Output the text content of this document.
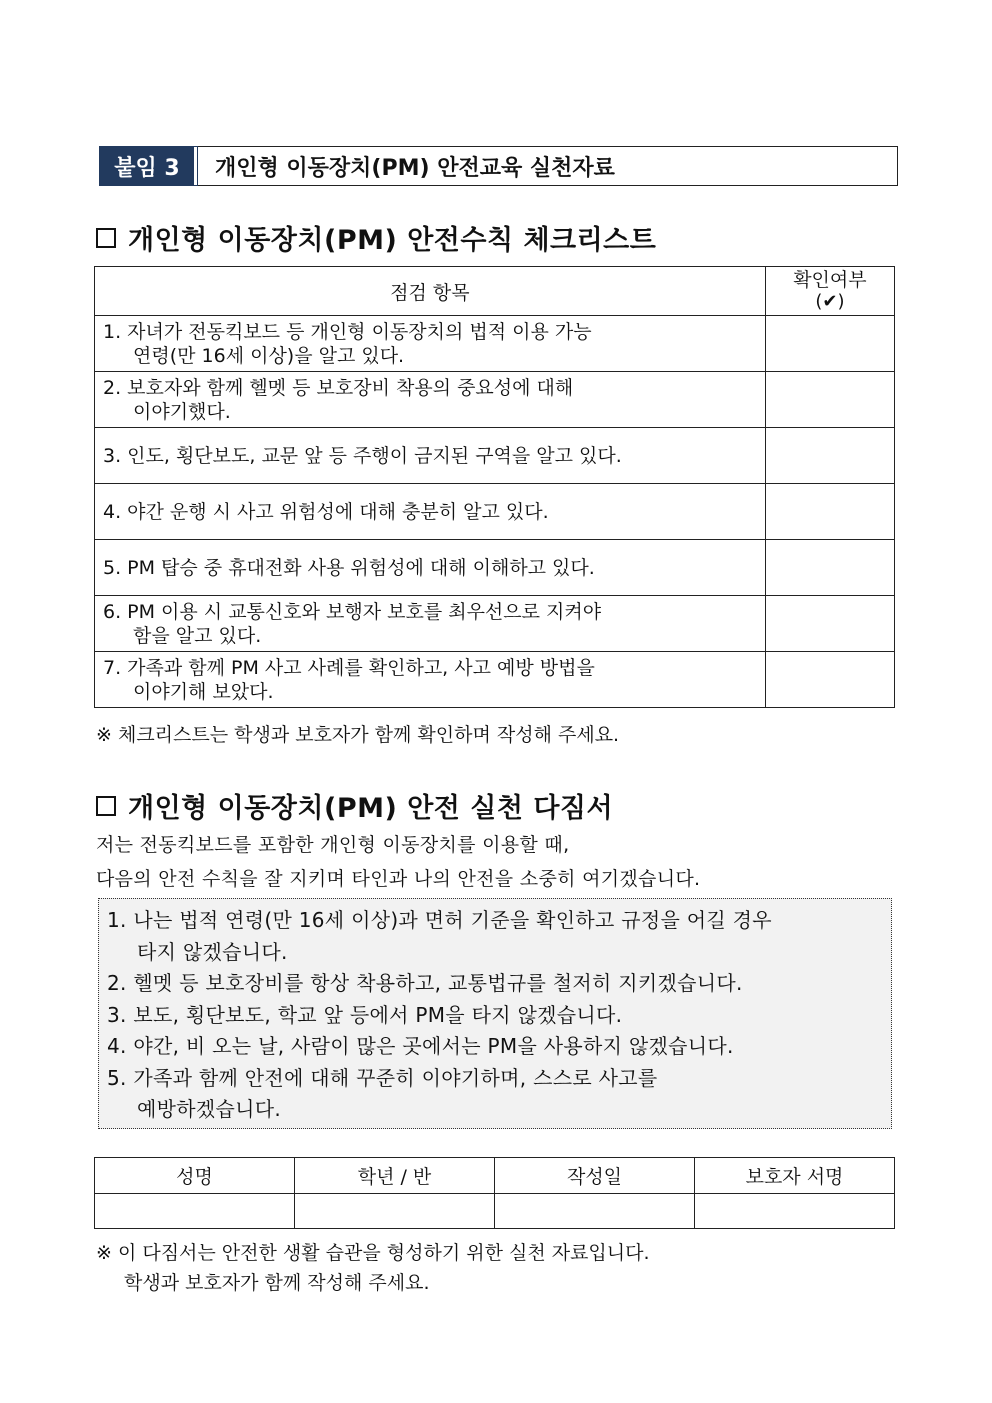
붙임 3	개인형 이동장치(PM) 안전교육 실천자료
개인형 이동장치(PM) 안전수칙 체크리스트
점검 항목	확인여부
(✔)

1. 자녀가 전동킥보드 등 개인형 이동장치의 법적 이용 가능
연령(만 16세 이상)을 알고 있다.	

2. 보호자와 함께 헬멧 등 보호장비 착용의 중요성에 대해
이야기했다.	

3. 인도, 횡단보도, 교문 앞 등 주행이 금지된 구역을 알고 있다.	

4. 야간 운행 시 사고 위험성에 대해 충분히 알고 있다.	

5. PM 탑승 중 휴대전화 사용 위험성에 대해 이해하고 있다.	

6. PM 이용 시 교통신호와 보행자 보호를 최우선으로 지켜야
함을 알고 있다.	

7. 가족과 함께 PM 사고 사례를 확인하고, 사고 예방 방법을
이야기해 보았다.	

※ 체크리스트는 학생과 보호자가 함께 확인하며 작성해 주세요.
개인형 이동장치(PM) 안전 실천 다짐서
저는 전동킥보드를 포함한 개인형 이동장치를 이용할 때,
다음의 안전 수칙을 잘 지키며 타인과 나의 안전을 소중히 여기겠습니다.
1. 나는 법적 연령(만 16세 이상)과 면허 기준을 확인하고 규정을 어길 경우
타지 않겠습니다.
2. 헬멧 등 보호장비를 항상 착용하고, 교통법규를 철저히 지키겠습니다.
3. 보도, 횡단보도, 학교 앞 등에서 PM을 타지 않겠습니다.
4. 야간, 비 오는 날, 사람이 많은 곳에서는 PM을 사용하지 않겠습니다.
5. 가족과 함께 안전에 대해 꾸준히 이야기하며, 스스로 사고를
예방하겠습니다.
성명	학년 / 반	작성일	보호자 서명

※ 이 다짐서는 안전한 생활 습관을 형성하기 위한 실천 자료입니다.
학생과 보호자가 함께 작성해 주세요.
